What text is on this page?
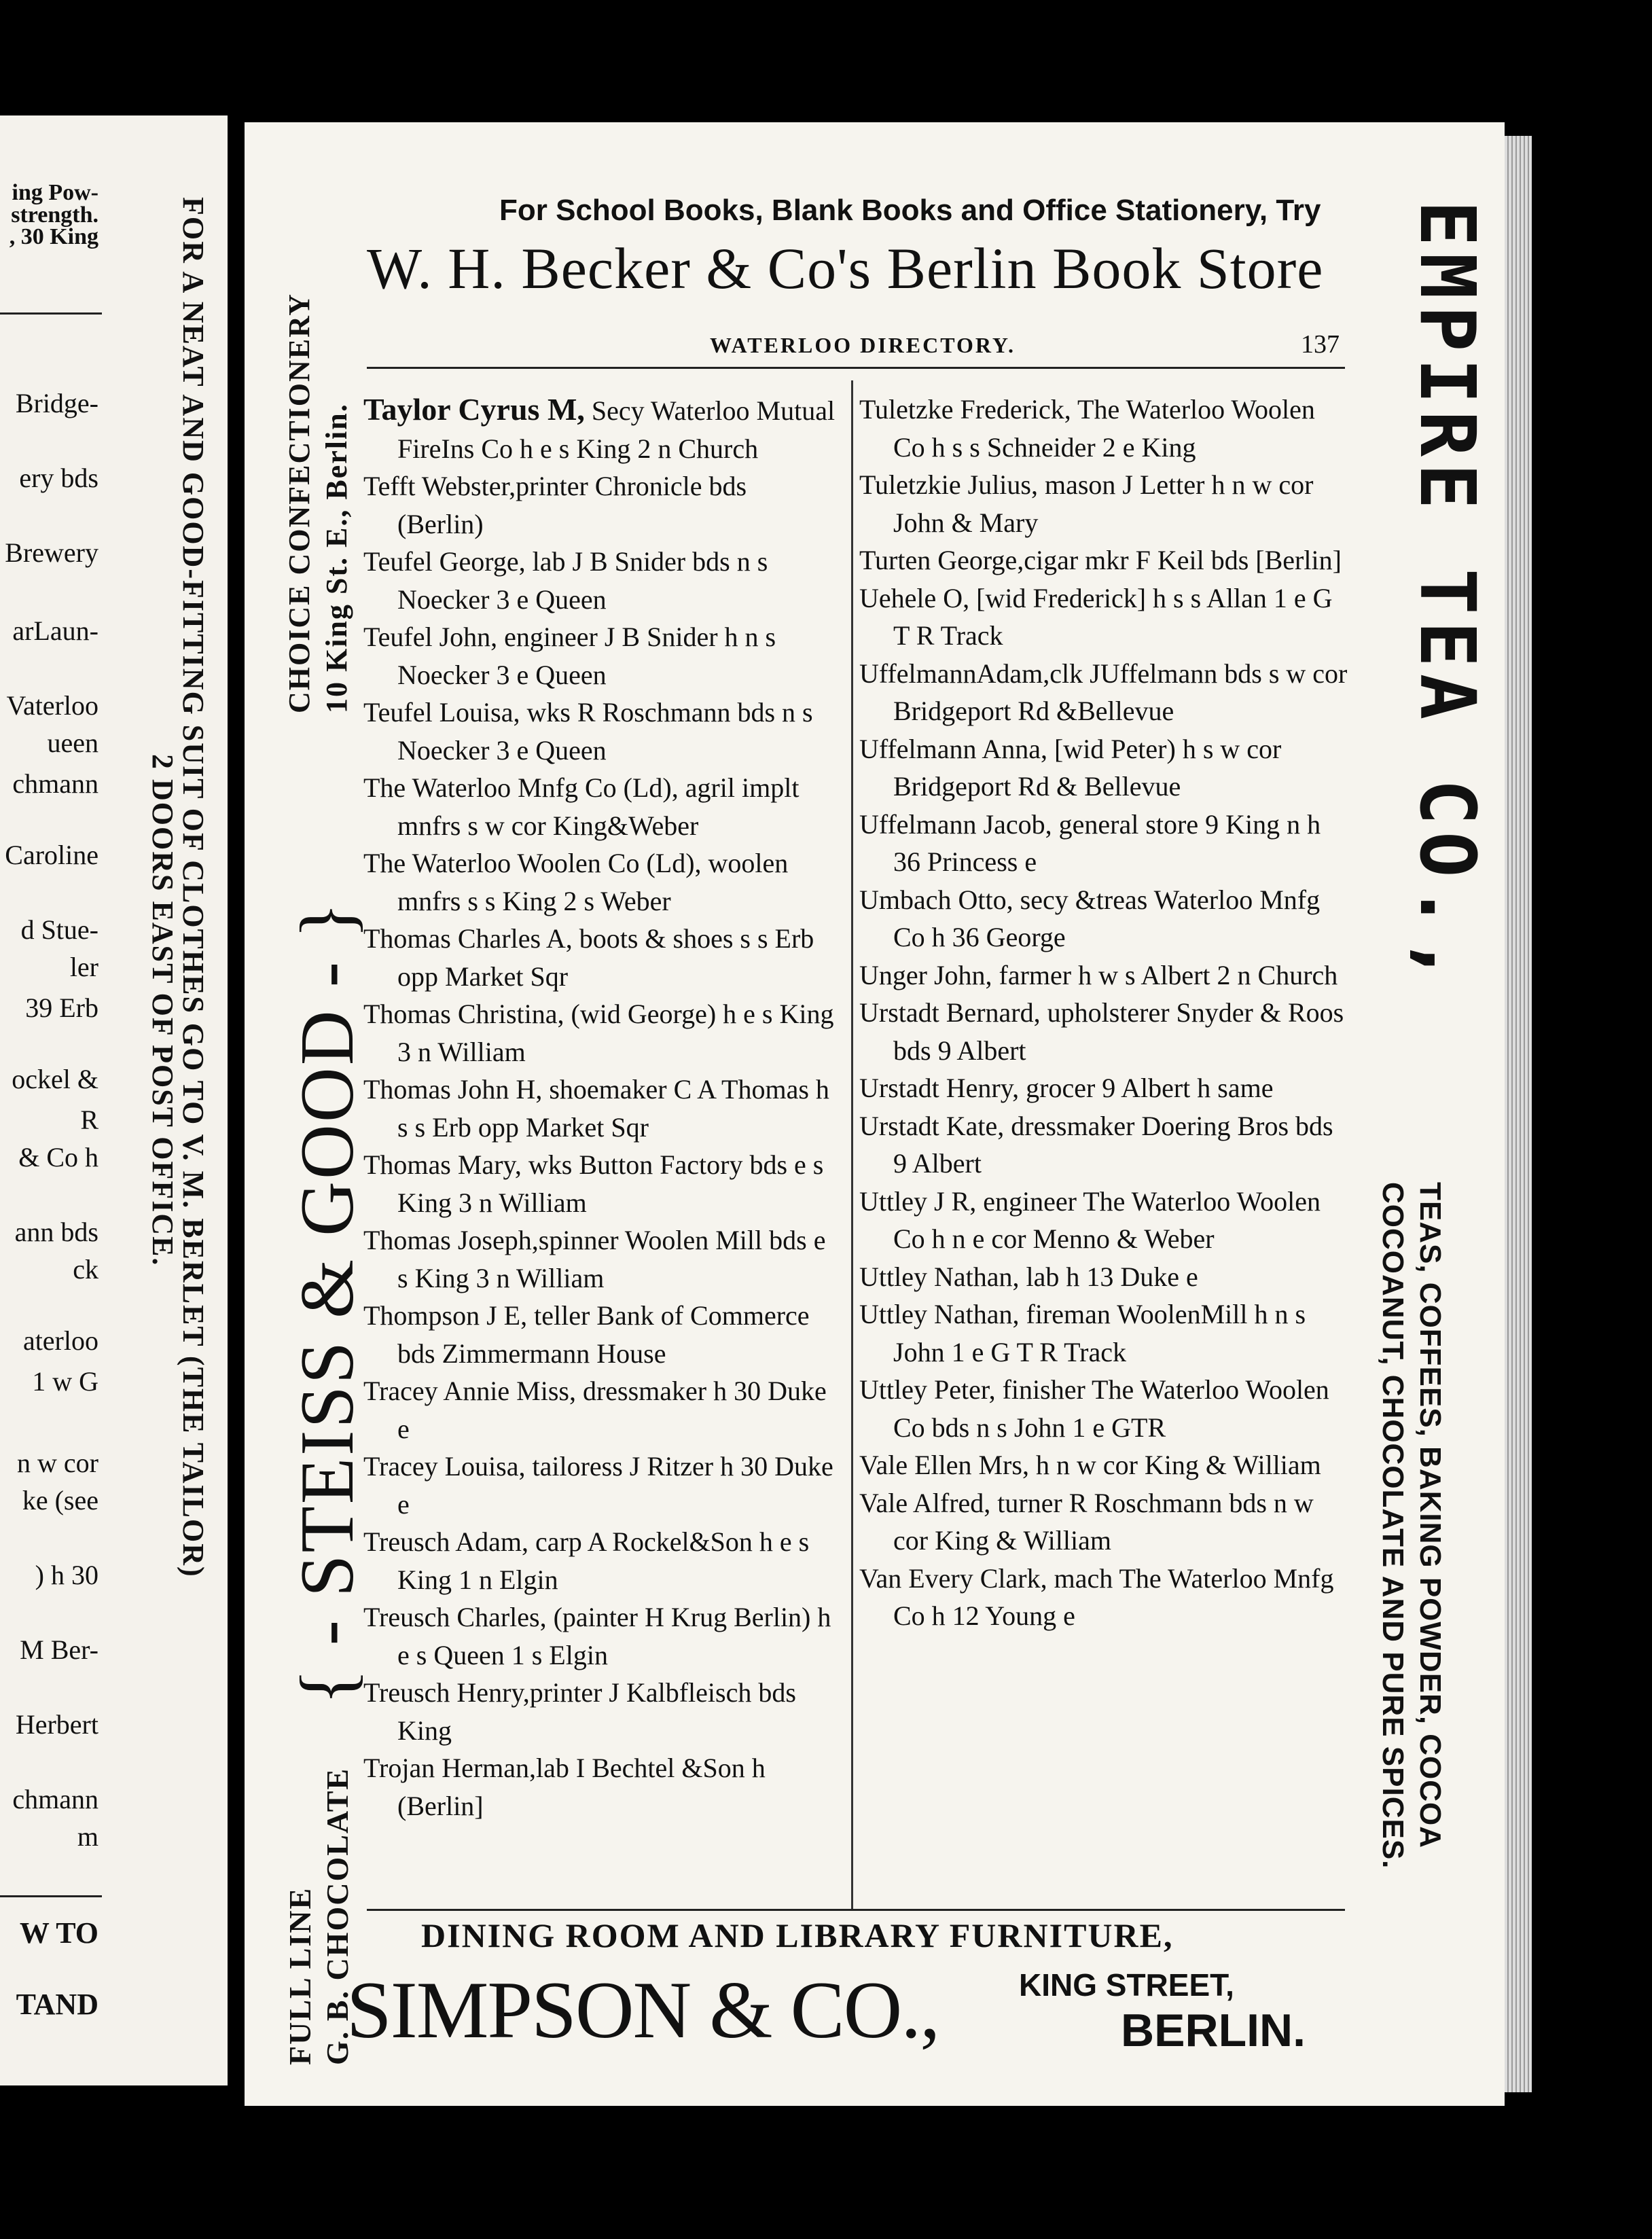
ing Pow-
strength.
, 30 King
Bridge-
ery bds
Brewery
arLaun-
Vaterloo
ueen
chmann
Caroline
d Stue-
ler
39 Erb
ockel &
R
& Co h
ann bds
ck
aterloo
1 w G
n w cor
ke (see
) h 30
M Ber-
Herbert
chmann
m
W TO
TAND
FOR A NEAT AND GOOD-FITTING SUIT OF CLOTHES GO TO V. M. BERLET (THE TAILOR)
2 DOORS EAST OF POST OFFICE.
For School Books, Blank Books and Office Stationery, Try
W. H. Becker & Co's Berlin Book Store
WATERLOO DIRECTORY.	137
CHOICE CONFECTIONERY 10 King St. E., Berlin.
{ - STEISS & GOOD - }
FULL LINE G. B. CHOCOLATE
EMPIRE TEA CO.,
TEAS, COFFEES, BAKING POWDER, COCOA
COCOANUT, CHOCOLATE AND PURE SPICES.
Taylor Cyrus M, Secy Waterloo Mutual FireIns Co h e s King 2 n Church
Tefft Webster,printer Chronicle bds (Berlin)
Teufel George, lab J B Snider bds n s Noecker 3 e Queen
Teufel John, engineer J B Snider h n s Noecker 3 e Queen
Teufel Louisa, wks R Roschmann bds n s Noecker 3 e Queen
The Waterloo Mnfg Co (Ld), agril implt mnfrs s w cor King&Weber
The Waterloo Woolen Co (Ld), woolen mnfrs s s King 2 s Weber
Thomas Charles A, boots & shoes s s Erb opp Market Sqr
Thomas Christina, (wid George) h e s King 3 n William
Thomas John H, shoemaker C A Thomas h s s Erb opp Market Sqr
Thomas Mary, wks Button Factory bds e s King 3 n William
Thomas Joseph,spinner Woolen Mill bds e s King 3 n William
Thompson J E, teller Bank of Commerce bds Zimmermann House
Tracey Annie Miss, dressmaker h 30 Duke e
Tracey Louisa, tailoress J Ritzer h 30 Duke e
Treusch Adam, carp A Rockel&Son h e s King 1 n Elgin
Treusch Charles, (painter H Krug Berlin) h e s Queen 1 s Elgin
Treusch Henry,printer J Kalbfleisch bds King
Trojan Herman,lab I Bechtel &Son h (Berlin]
Tuletzke Frederick, The Waterloo Woolen Co h s s Schneider 2 e King
Tuletzkie Julius, mason J Letter h n w cor John & Mary
Turten George,cigar mkr F Keil bds [Berlin]
Uehele O, [wid Frederick] h s s Allan 1 e G T R Track
UffelmannAdam,clk JUffelmann bds s w cor Bridgeport Rd &Bellevue
Uffelmann Anna, [wid Peter) h s w cor Bridgeport Rd & Bellevue
Uffelmann Jacob, general store 9 King n h 36 Princess e
Umbach Otto, secy &treas Waterloo Mnfg Co h 36 George
Unger John, farmer h w s Albert 2 n Church
Urstadt Bernard, upholsterer Snyder & Roos bds 9 Albert
Urstadt Henry, grocer 9 Albert h same
Urstadt Kate, dressmaker Doering Bros bds 9 Albert
Uttley J R, engineer The Waterloo Woolen Co h n e cor Menno & Weber
Uttley Nathan, lab h 13 Duke e
Uttley Nathan, fireman WoolenMill h n s John 1 e G T R Track
Uttley Peter, finisher The Waterloo Woolen Co bds n s John 1 e GTR
Vale Ellen Mrs, h n w cor King & William
Vale Alfred, turner R Roschmann bds n w cor King & William
Van Every Clark, mach The Waterloo Mnfg Co h 12 Young e
DINING ROOM AND LIBRARY FURNITURE,
SIMPSON & CO.,	KING STREET,
BERLIN.
